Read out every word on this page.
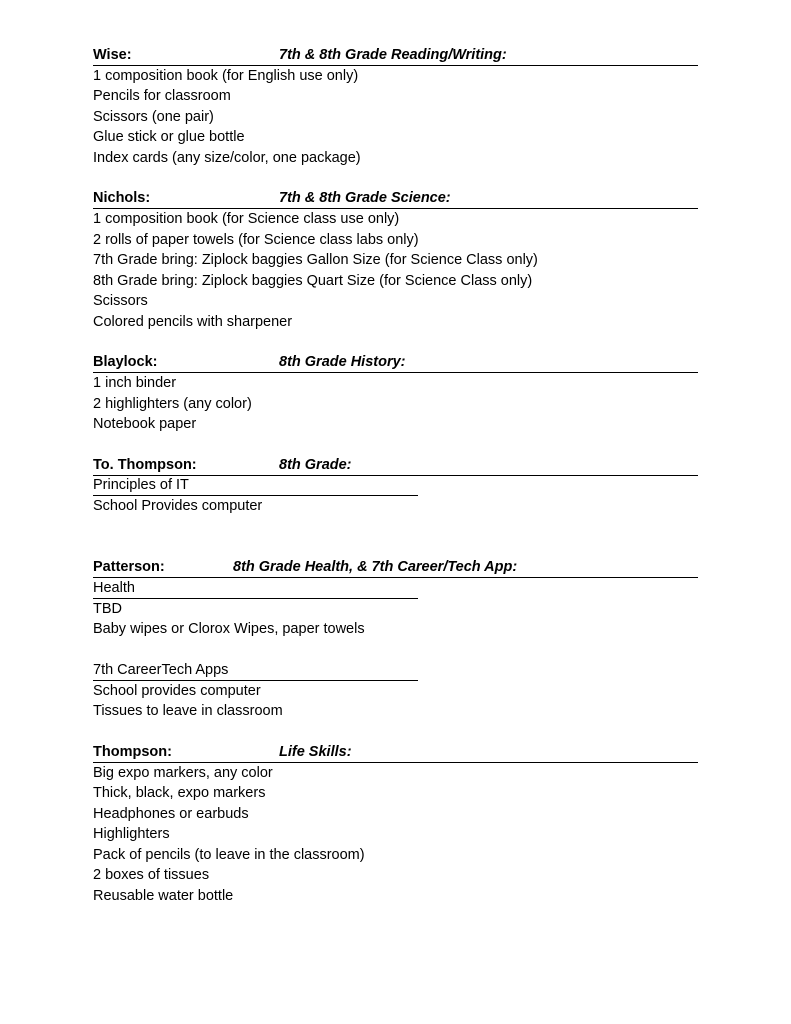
Wise:	7th & 8th Grade Reading/Writing:
1 composition book (for English use only)
Pencils for classroom
Scissors (one pair)
Glue stick or glue bottle
Index cards (any size/color, one package)
Nichols:	7th & 8th Grade Science:
1 composition book (for Science class use only)
2 rolls of paper towels (for Science class labs only)
7th Grade bring: Ziplock baggies Gallon Size (for Science Class only)
8th Grade bring: Ziplock baggies Quart Size (for Science Class only)
Scissors
Colored pencils with sharpener
Blaylock:	8th Grade History:
1 inch binder
2 highlighters (any color)
Notebook paper
To. Thompson:	8th Grade:
Principles of IT
School Provides computer
Patterson:	8th Grade Health, & 7th Career/Tech App:
Health
TBD
Baby wipes or Clorox Wipes, paper towels
7th CareerTech Apps
School provides computer
Tissues to leave in classroom
Thompson:	Life Skills:
Big expo markers, any color
Thick, black, expo markers
Headphones or earbuds
Highlighters
Pack of pencils (to leave in the classroom)
2 boxes of tissues
Reusable water bottle
